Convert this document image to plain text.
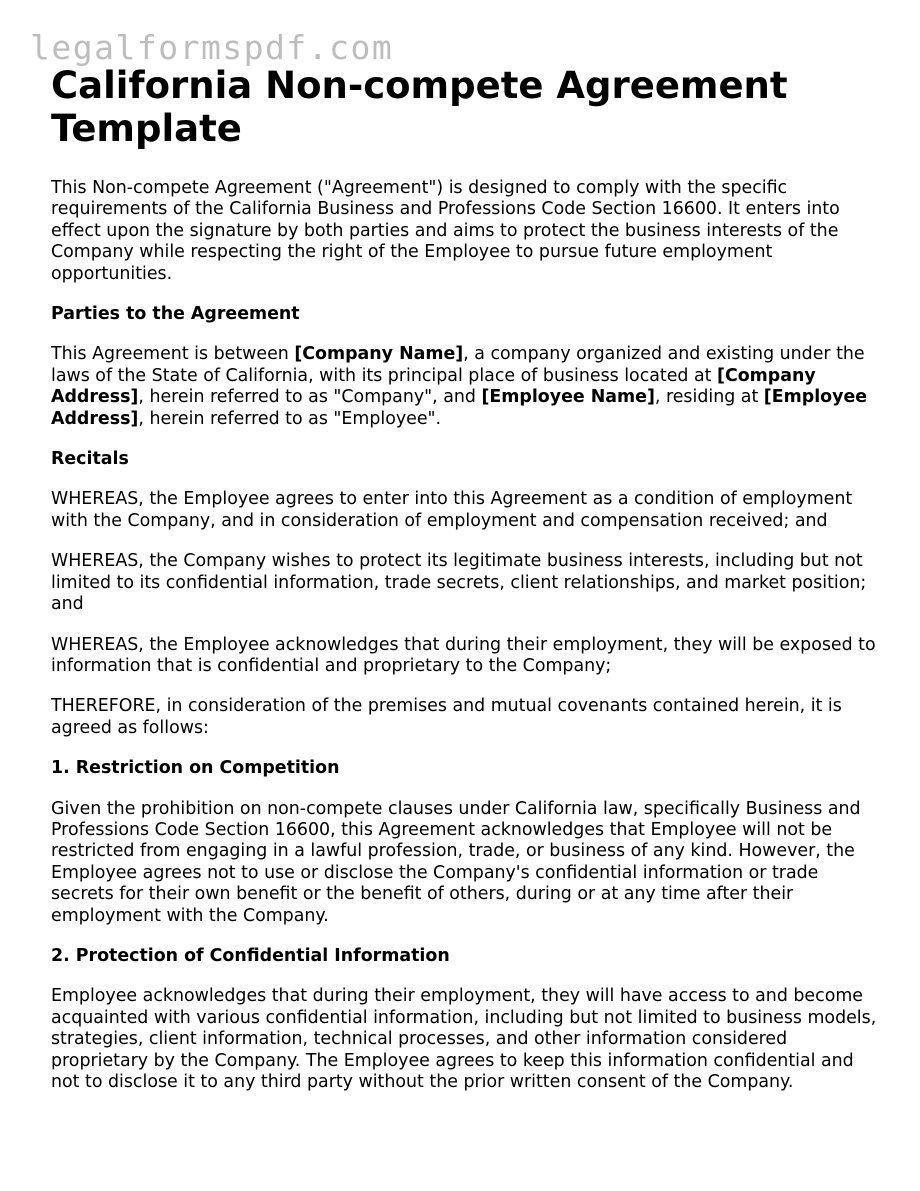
legalformspdf.com
California Non-compete Agreement Template

This Non-compete Agreement ("Agreement") is designed to comply with the specific requirements of the California Business and Professions Code Section 16600. It enters into effect upon the signature by both parties and aims to protect the business interests of the Company while respecting the right of the Employee to pursue future employment opportunities.

Parties to the Agreement

This Agreement is between [Company Name], a company organized and existing under the laws of the State of California, with its principal place of business located at [Company Address], herein referred to as "Company", and [Employee Name], residing at [Employee Address], herein referred to as "Employee".

Recitals

WHEREAS, the Employee agrees to enter into this Agreement as a condition of employment with the Company, and in consideration of employment and compensation received; and

WHEREAS, the Company wishes to protect its legitimate business interests, including but not limited to its confidential information, trade secrets, client relationships, and market position; and

WHEREAS, the Employee acknowledges that during their employment, they will be exposed to information that is confidential and proprietary to the Company;

THEREFORE, in consideration of the premises and mutual covenants contained herein, it is agreed as follows:

1. Restriction on Competition

Given the prohibition on non-compete clauses under California law, specifically Business and Professions Code Section 16600, this Agreement acknowledges that Employee will not be restricted from engaging in a lawful profession, trade, or business of any kind. However, the Employee agrees not to use or disclose the Company's confidential information or trade secrets for their own benefit or the benefit of others, during or at any time after their employment with the Company.

2. Protection of Confidential Information

Employee acknowledges that during their employment, they will have access to and become acquainted with various confidential information, including but not limited to business models, strategies, client information, technical processes, and other information considered proprietary by the Company. The Employee agrees to keep this information confidential and not to disclose it to any third party without the prior written consent of the Company.
